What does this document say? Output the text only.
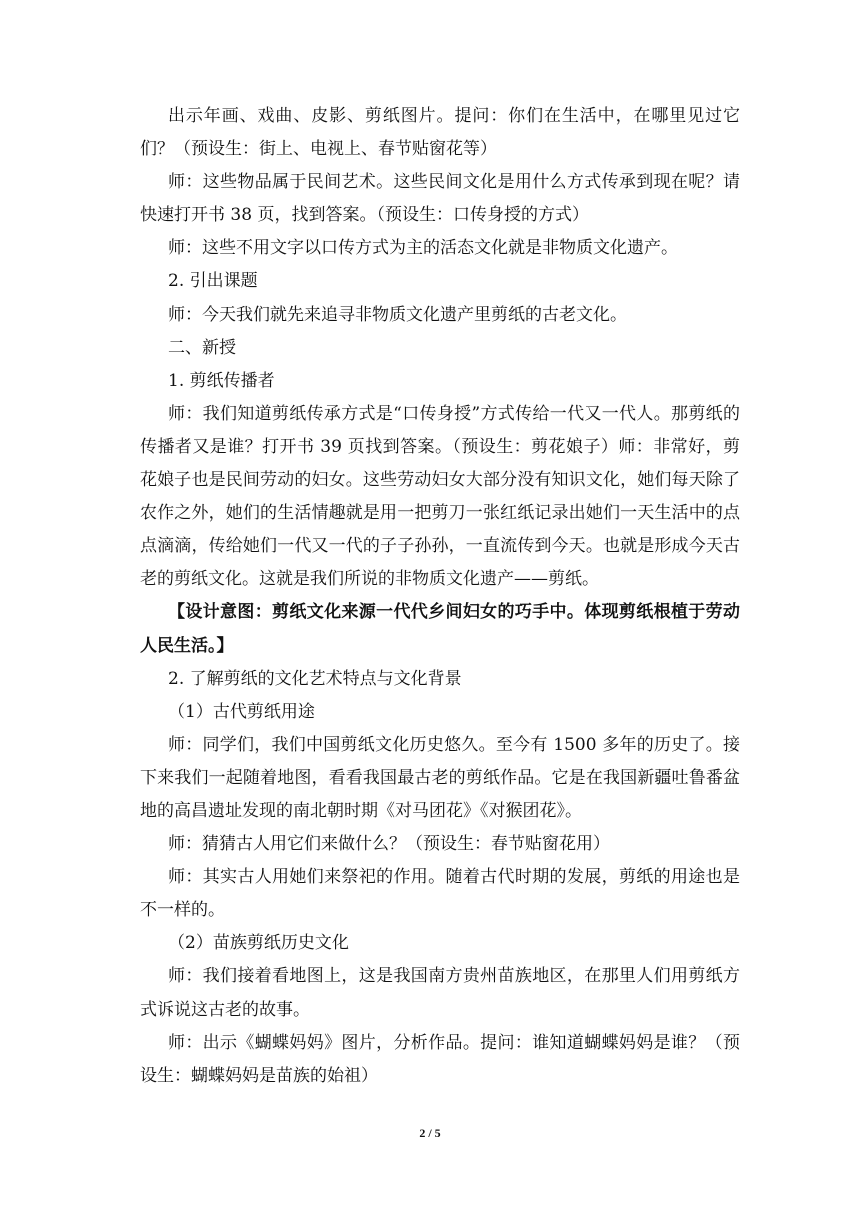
出示年画、戏曲、皮影、剪纸图片。提问：你们在生活中，在哪里见过它们？（预设生：街上、电视上、春节贴窗花等）

师：这些物品属于民间艺术。这些民间文化是用什么方式传承到现在呢？请快速打开书 38 页，找到答案。（预设生：口传身授的方式）

师：这些不用文字以口传方式为主的活态文化就是非物质文化遗产。

2. 引出课题

师：今天我们就先来追寻非物质文化遗产里剪纸的古老文化。

二、新授

1. 剪纸传播者

师：我们知道剪纸传承方式是“口传身授”方式传给一代又一代人。那剪纸的传播者又是谁？打开书 39 页找到答案。（预设生：剪花娘子）师：非常好，剪花娘子也是民间劳动的妇女。这些劳动妇女大部分没有知识文化，她们每天除了农作之外，她们的生活情趣就是用一把剪刀一张红纸记录出她们一天生活中的点点滴滴，传给她们一代又一代的子子孙孙，一直流传到今天。也就是形成今天古老的剪纸文化。这就是我们所说的非物质文化遗产——剪纸。

【设计意图：剪纸文化来源一代代乡间妇女的巧手中。体现剪纸根植于劳动人民生活。】

2. 了解剪纸的文化艺术特点与文化背景

（1）古代剪纸用途

师：同学们，我们中国剪纸文化历史悠久。至今有 1500 多年的历史了。接下来我们一起随着地图，看看我国最古老的剪纸作品。它是在我国新疆吐鲁番盆地的高昌遗址发现的南北朝时期《对马团花》《对猴团花》。

师：猜猜古人用它们来做什么？（预设生：春节贴窗花用）

师：其实古人用她们来祭祀的作用。随着古代时期的发展，剪纸的用途也是不一样的。

（2）苗族剪纸历史文化

师：我们接着看地图上，这是我国南方贵州苗族地区，在那里人们用剪纸方式诉说这古老的故事。

师：出示《蝴蝶妈妈》图片，分析作品。提问：谁知道蝴蝶妈妈是谁？（预设生：蝴蝶妈妈是苗族的始祖）

2 / 5
